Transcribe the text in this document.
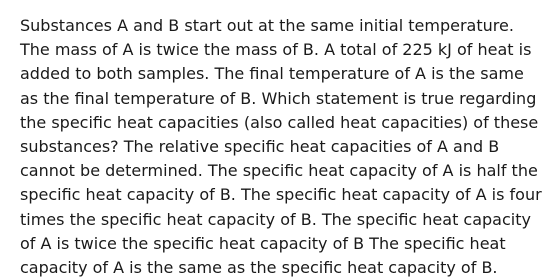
Substances A and B start out at the same initial temperature.
The mass of A is twice the mass of B. A total of 225 kJ of heat is
added to both samples. The final temperature of A is the same
as the final temperature of B. Which statement is true regarding
the specific heat capacities (also called heat capacities) of these
substances? The relative specific heat capacities of A and B
cannot be determined. The specific heat capacity of A is half the
specific heat capacity of B. The specific heat capacity of A is four
times the specific heat capacity of B. The specific heat capacity
of A is twice the specific heat capacity of B The specific heat
capacity of A is the same as the specific heat capacity of B.
